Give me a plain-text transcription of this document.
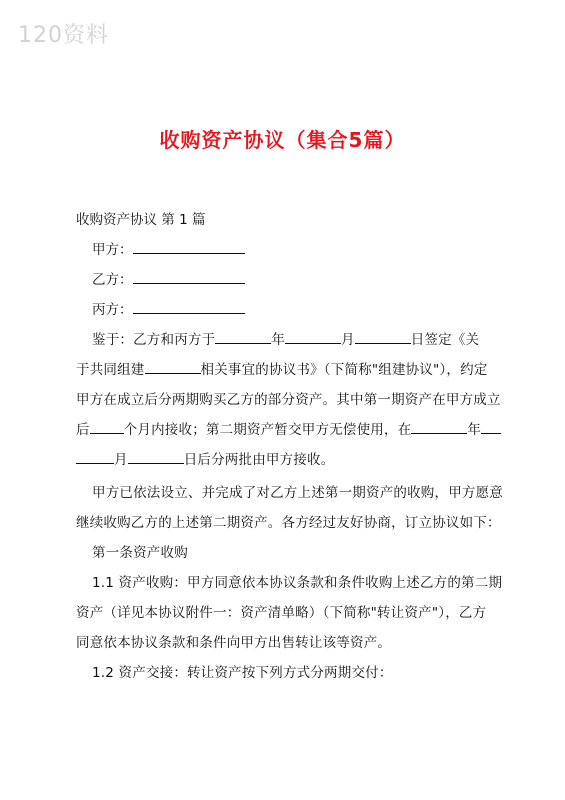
120资料
收购资产协议（集合5篇）
收购资产协议 第 1 篇
甲方：
乙方：
丙方：
鉴于：乙方和丙方于	年	月	日签定《关
于共同组建	相关事宜的协议书》（下简称"组建协议"），约定
甲方在成立后分两期购买乙方的部分资产。其中第一期资产在甲方成立
后	个月内接收；第二期资产暂交甲方无偿使用，在	年
月	日后分两批由甲方接收。
甲方已依法设立、并完成了对乙方上述第一期资产的收购，甲方愿意
继续收购乙方的上述第二期资产。各方经过友好协商，订立协议如下：
第一条资产收购
1.1 资产收购：甲方同意依本协议条款和条件收购上述乙方的第二期
资产（详见本协议附件一：资产清单略）（下简称"转让资产"），乙方
同意依本协议条款和条件向甲方出售转让该等资产。
1.2 资产交接：转让资产按下列方式分两期交付：
